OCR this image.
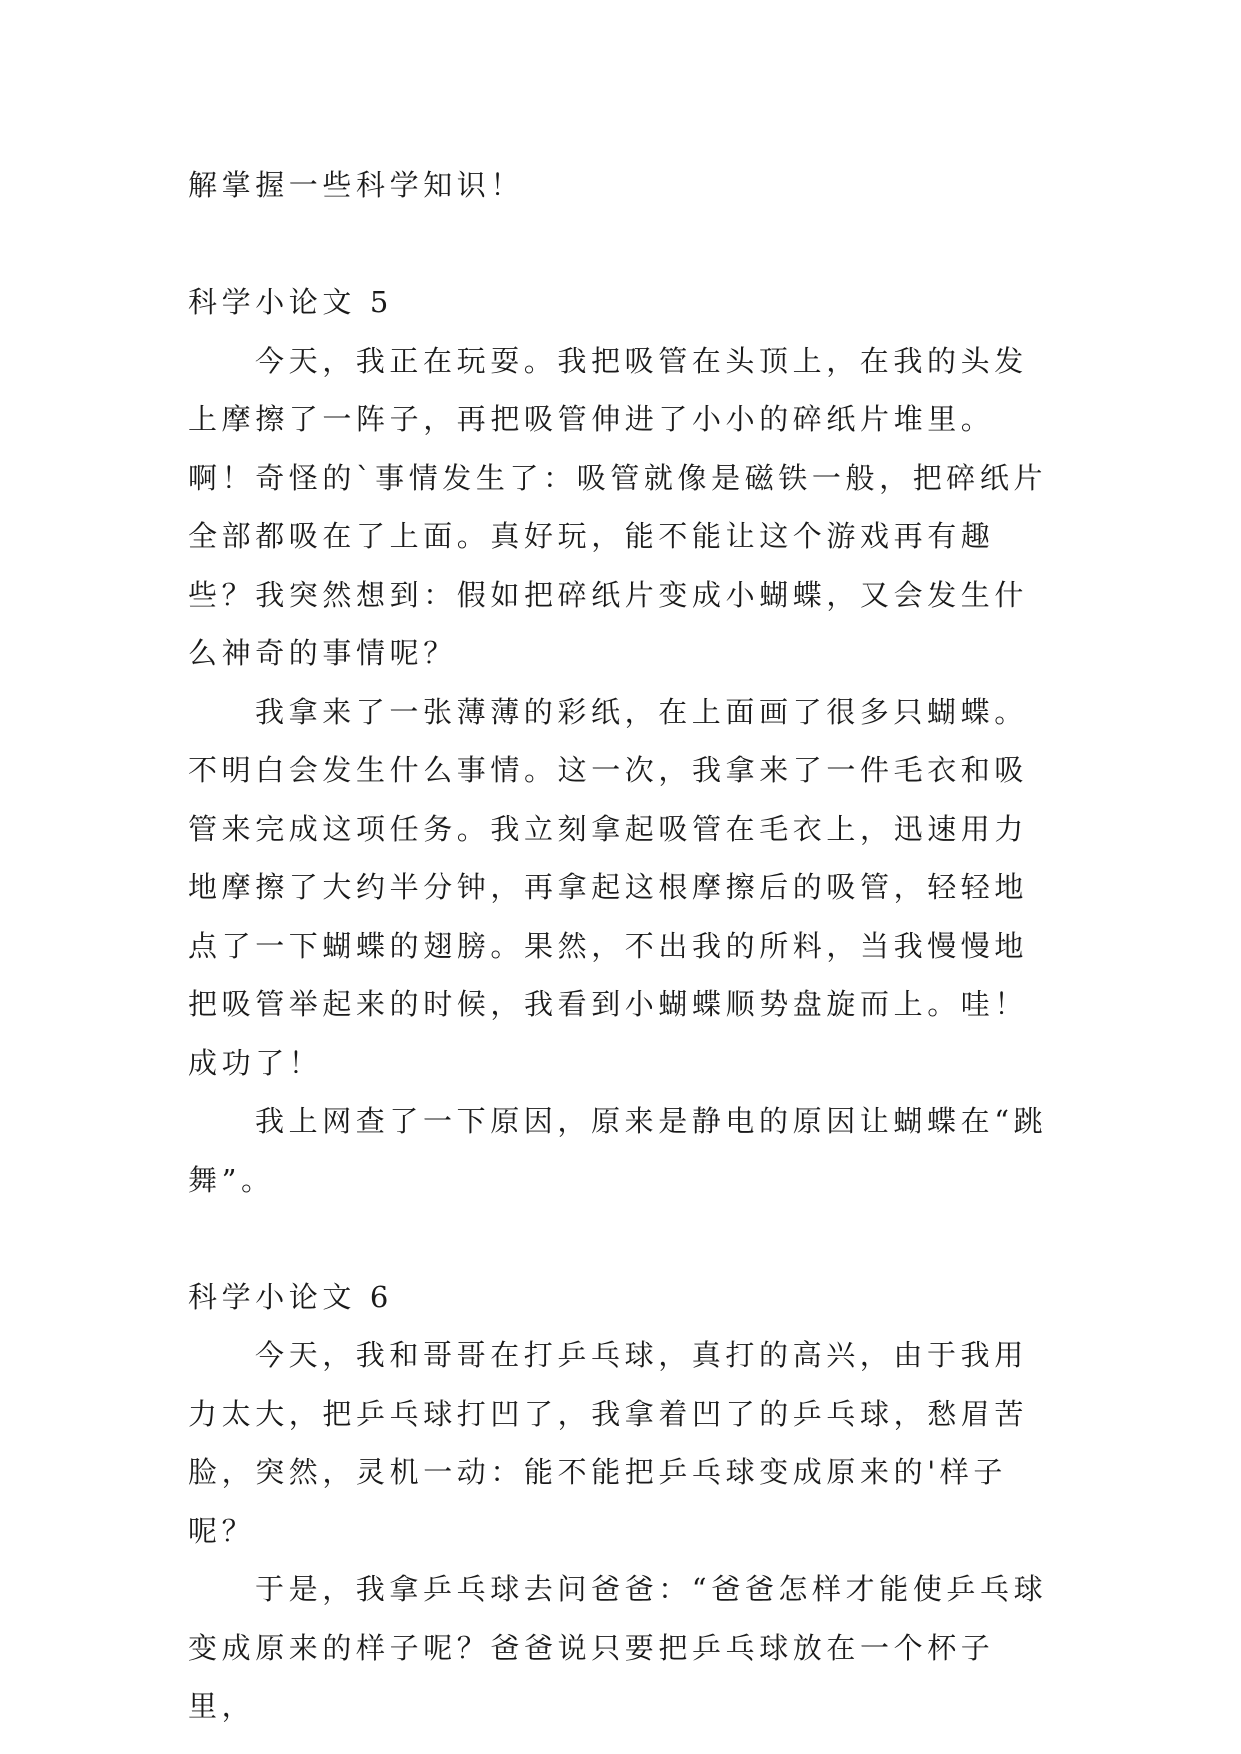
解掌握一些科学知识！

科学小论文 5

今天，我正在玩耍。我把吸管在头顶上，在我的头发上摩擦了一阵子，再把吸管伸进了小小的碎纸片堆里。啊！奇怪的`事情发生了：吸管就像是磁铁一般，把碎纸片全部都吸在了上面。真好玩，能不能让这个游戏再有趣些？我突然想到：假如把碎纸片变成小蝴蝶，又会发生什么神奇的事情呢？

我拿来了一张薄薄的彩纸，在上面画了很多只蝴蝶。不明白会发生什么事情。这一次，我拿来了一件毛衣和吸管来完成这项任务。我立刻拿起吸管在毛衣上，迅速用力地摩擦了大约半分钟，再拿起这根摩擦后的吸管，轻轻地点了一下蝴蝶的翅膀。果然，不出我的所料，当我慢慢地把吸管举起来的时候，我看到小蝴蝶顺势盘旋而上。哇！成功了！

我上网查了一下原因，原来是静电的原因让蝴蝶在“跳舞”。

科学小论文 6

今天，我和哥哥在打乒乓球，真打的高兴，由于我用力太大，把乒乓球打凹了，我拿着凹了的乒乓球，愁眉苦脸，突然，灵机一动：能不能把乒乓球变成原来的'样子呢？

于是，我拿乒乓球去问爸爸：“爸爸怎样才能使乒乓球变成原来的样子呢？爸爸说只要把乒乓球放在一个杯子里，
